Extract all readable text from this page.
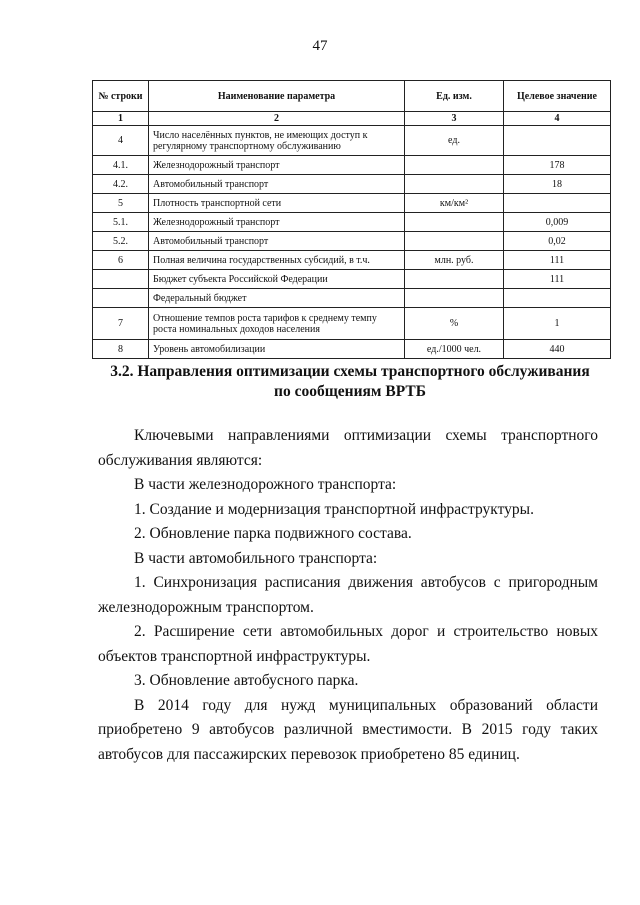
47
№ строки	Наименование параметра	Ед. изм.	Целевое значение
1	2	3	4
4	Число населённых пунктов, не имеющих доступ к регулярному транспортному обслуживанию	ед.	
4.1.	Железнодорожный транспорт		178
4.2.	Автомобильный транспорт		18
5	Плотность транспортной сети	км/км²	
5.1.	Железнодорожный транспорт		0,009
5.2.	Автомобильный транспорт		0,02
6	Полная величина государственных субсидий, в т.ч.	млн. руб.	111
	Бюджет субъекта Российской Федерации		111
	Федеральный бюджет		
7	Отношение темпов роста тарифов к среднему темпу роста номинальных доходов населения	%	1
8	Уровень автомобилизации	ед./1000 чел.	440
3.2. Направления оптимизации схемы транспортного обслуживания
по сообщениям ВРТБ

Ключевыми направлениями оптимизации схемы транспортного обслуживания являются:

В части железнодорожного транспорта:

1. Создание и модернизация транспортной инфраструктуры.

2. Обновление парка подвижного состава.

В части автомобильного транспорта:

1. Синхронизация расписания движения автобусов с пригородным железнодорожным транспортом.

2. Расширение сети автомобильных дорог и строительство новых объектов транспортной инфраструктуры.

3. Обновление автобусного парка.

В 2014 году для нужд муниципальных образований области приобретено 9 автобусов различной вместимости. В 2015 году таких автобусов для пассажирских перевозок приобретено 85 единиц.
